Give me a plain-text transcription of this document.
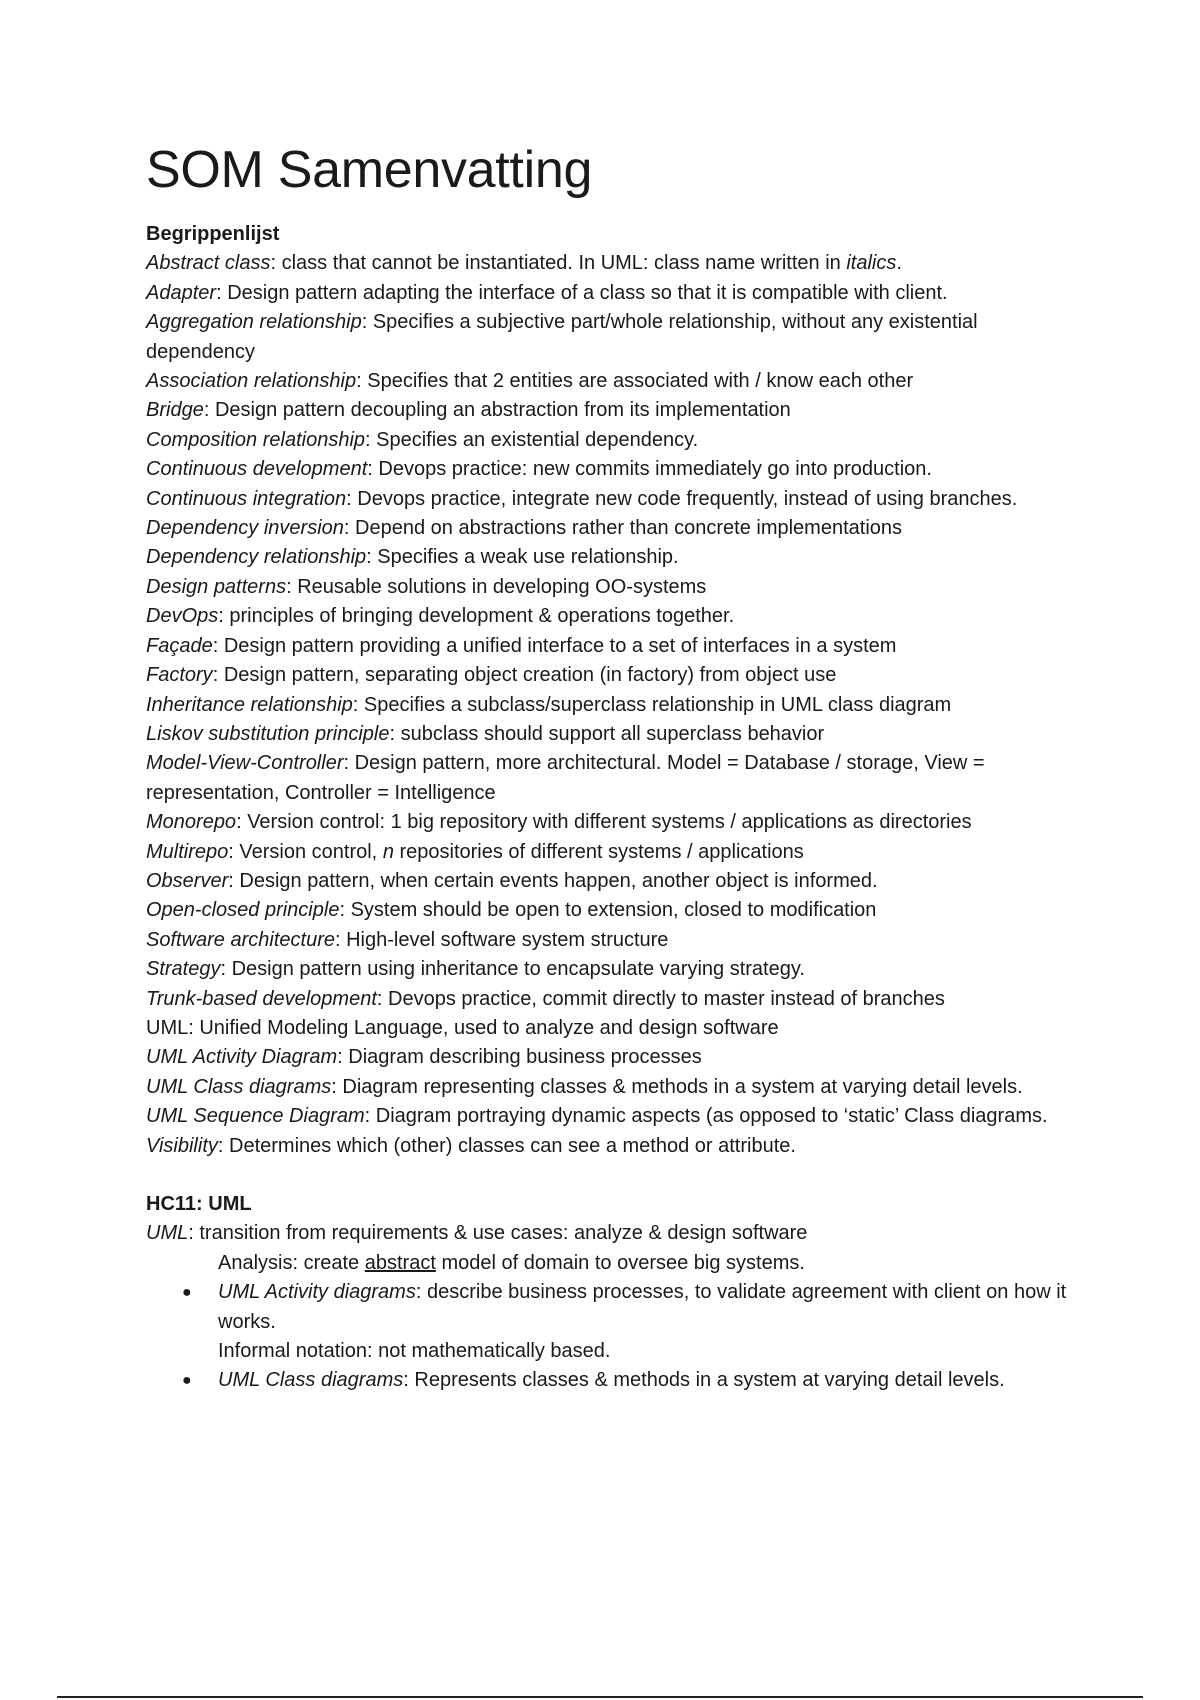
SOM Samenvatting

Begrippenlijst

Abstract class: class that cannot be instantiated. In UML: class name written in italics.

Adapter: Design pattern adapting the interface of a class so that it is compatible with client.

Aggregation relationship: Specifies a subjective part/whole relationship, without any existential dependency

Association relationship: Specifies that 2 entities are associated with / know each other

Bridge: Design pattern decoupling an abstraction from its implementation

Composition relationship: Specifies an existential dependency.

Continuous development: Devops practice: new commits immediately go into production.

Continuous integration: Devops practice, integrate new code frequently, instead of using branches.

Dependency inversion: Depend on abstractions rather than concrete implementations

Dependency relationship: Specifies a weak use relationship.

Design patterns: Reusable solutions in developing OO-systems

DevOps: principles of bringing development & operations together.

Façade: Design pattern providing a unified interface to a set of interfaces in a system

Factory: Design pattern, separating object creation (in factory) from object use

Inheritance relationship: Specifies a subclass/superclass relationship in UML class diagram

Liskov substitution principle: subclass should support all superclass behavior

Model-View-Controller: Design pattern, more architectural. Model = Database / storage, View = representation, Controller = Intelligence

Monorepo: Version control: 1 big repository with different systems / applications as directories

Multirepo: Version control, n repositories of different systems / applications

Observer: Design pattern, when certain events happen, another object is informed.

Open-closed principle: System should be open to extension, closed to modification

Software architecture: High-level software system structure

Strategy: Design pattern using inheritance to encapsulate varying strategy.

Trunk-based development: Devops practice, commit directly to master instead of branches

UML: Unified Modeling Language, used to analyze and design software

UML Activity Diagram: Diagram describing business processes

UML Class diagrams: Diagram representing classes & methods in a system at varying detail levels.

UML Sequence Diagram: Diagram portraying dynamic aspects (as opposed to ‘static’ Class diagrams.

Visibility: Determines which (other) classes can see a method or attribute.

HC11: UML

UML: transition from requirements & use cases: analyze & design software

Analysis: create abstract model of domain to oversee big systems.

● UML Activity diagrams: describe business processes, to validate agreement with client on how it works.

Informal notation: not mathematically based.

● UML Class diagrams: Represents classes & methods in a system at varying detail levels.
